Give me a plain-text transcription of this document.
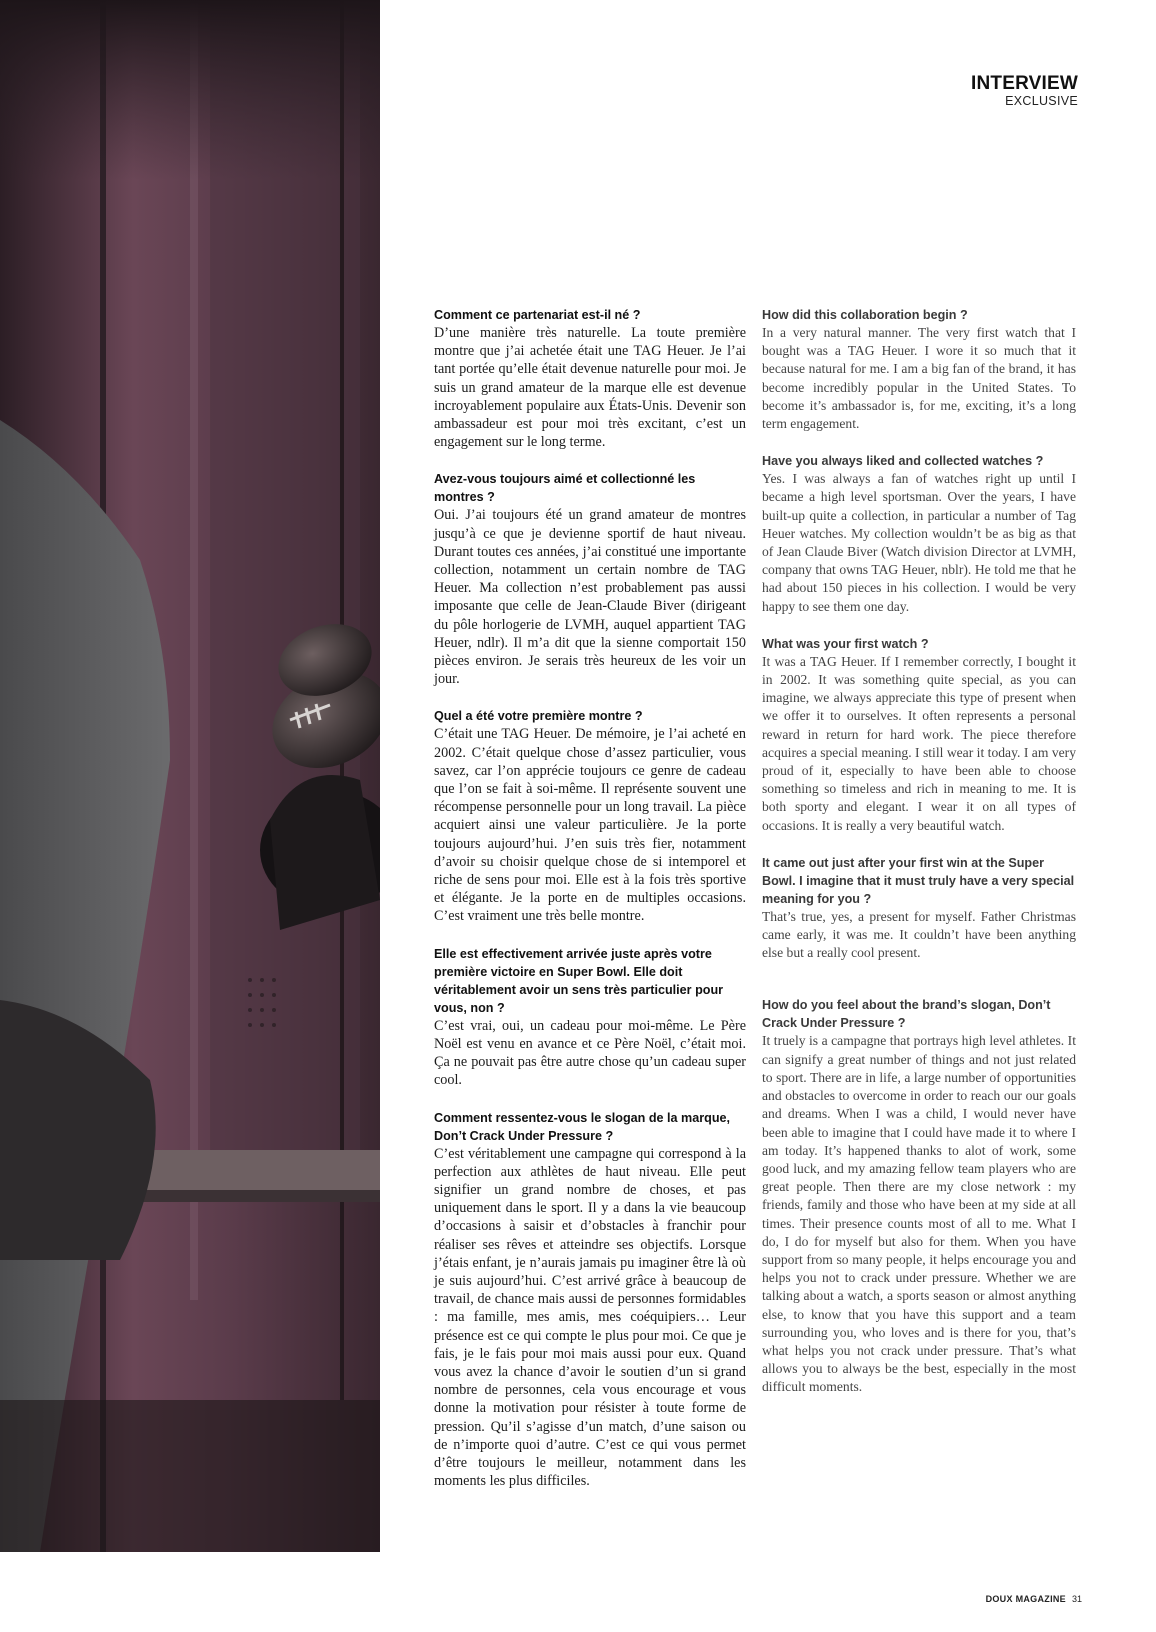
INTERVIEW
EXCLUSIVE
Comment ce partenariat est-il né ?
D’une manière très naturelle. La toute première montre que j’ai achetée était une TAG Heuer. Je l’ai tant portée qu’elle était devenue naturelle pour moi. Je suis un grand amateur de la marque elle est devenue incroyablement populaire aux États-Unis. Devenir son ambassadeur est pour moi très excitant, c’est un engagement sur le long terme.
Avez-vous toujours aimé et collectionné les montres ?
Oui. J’ai toujours été un grand amateur de montres jusqu’à ce que je devienne sportif de haut niveau. Durant toutes ces années, j’ai constitué une importante collection, notamment un certain nombre de TAG Heuer. Ma collection n’est probablement pas aussi imposante que celle de Jean-Claude Biver (dirigeant du pôle horlogerie de LVMH, auquel appartient TAG Heuer, ndlr). Il m’a dit que la sienne comportait 150 pièces environ. Je serais très heureux de les voir un jour.
Quel a été votre première montre ?
C’était une TAG Heuer. De mémoire, je l’ai acheté en 2002. C’était quelque chose d’assez particulier, vous savez, car l’on apprécie toujours ce genre de cadeau que l’on se fait à soi-même. Il représente souvent une récompense personnelle pour un long travail. La pièce acquiert ainsi une valeur particulière. Je la porte toujours aujourd’hui. J’en suis très fier, notamment d’avoir su choisir quelque chose de si intemporel et riche de sens pour moi. Elle est à la fois très sportive et élégante. Je la porte en de multiples occasions. C’est vraiment une très belle montre.
Elle est effectivement arrivée juste après votre première victoire en Super Bowl. Elle doit véritablement avoir un sens très particulier pour vous, non ?
C’est vrai, oui, un cadeau pour moi-même. Le Père Noël est venu en avance et ce Père Noël, c’était moi. Ça ne pouvait pas être autre chose qu’un cadeau super cool.
Comment ressentez-vous le slogan de la marque, Don’t Crack Under Pressure ?
C’est véritablement une campagne qui correspond à la perfection aux athlètes de haut niveau. Elle peut signifier un grand nombre de choses, et pas uniquement dans le sport. Il y a dans la vie beaucoup d’occasions à saisir et d’obstacles à franchir pour réaliser ses rêves et atteindre ses objectifs. Lorsque j’étais enfant, je n’aurais jamais pu imaginer être là où je suis aujourd’hui. C’est arrivé grâce à beaucoup de travail, de chance mais aussi de personnes formidables : ma famille, mes amis, mes coéquipiers… Leur présence est ce qui compte le plus pour moi. Ce que je fais, je le fais pour moi mais aussi pour eux. Quand vous avez la chance d’avoir le soutien d’un si grand nombre de personnes, cela vous encourage et vous donne la motivation pour résister à toute forme de pression. Qu’il s’agisse d’un match, d’une saison ou de n’importe quoi d’autre. C’est ce qui vous permet d’être toujours le meilleur, notamment dans les moments les plus difficiles.
How did this collaboration begin ?
In a very natural manner. The very first watch that I bought was a TAG Heuer. I wore it so much that it because natural for me. I am a big fan of the brand, it has become incredibly popular in the United States. To become it’s ambassador is, for me, exciting, it’s a long term engagement.
Have you always liked and collected watches ?
Yes. I was always a fan of watches right up until I became a high level sportsman. Over the years, I have built-up quite a collection, in particular a number of Tag Heuer watches. My collection wouldn’t be as big as that of Jean Claude Biver (Watch division Director at LVMH, company that owns TAG Heuer, nblr). He told me that he had about 150 pieces in his collection. I would be very happy to see them one day.
What was your first watch ?
It was a TAG Heuer. If I remember correctly, I bought it in 2002. It was something quite special, as you can imagine, we always appreciate this type of present when we offer it to ourselves. It often represents a personal reward in return for hard work. The piece therefore acquires a special meaning. I still wear it today. I am very proud of it, especially to have been able to choose something so timeless and rich in meaning to me. It is both sporty and elegant. I wear it on all types of occasions. It is really a very beautiful watch.
It came out just after your first win at the Super Bowl. I imagine that it must truly have a very special meaning for you ?
That’s true, yes, a present for myself. Father Christmas came early, it was me. It couldn’t have been anything else but a really cool present.
How do you feel about the brand’s slogan, Don’t Crack Under Pressure ?
It truely is a campagne that portrays high level athletes. It can signify a great number of things and not just related to sport. There are in life, a large number of opportunities and obstacles to overcome in order to reach our our goals and dreams. When I was a child, I would never have been able to imagine that I could have made it to where I am today. It’s happened thanks to alot of work, some good luck, and my amazing fellow team players who are great people. Then there are my close network : my friends, family and those who have been at my side at all times. Their presence counts most of all to me. What I do, I do for myself but also for them. When you have support from so many people, it helps encourage you and helps you not to crack under pressure. Whether we are talking about a watch, a sports season or almost anything else, to know that you have this support and a team surrounding you, who loves and is there for you, that’s what helps you not crack under pressure. That’s what allows you to always be the best, especially in the most difficult moments.
DOUX MAGAZINE 31
